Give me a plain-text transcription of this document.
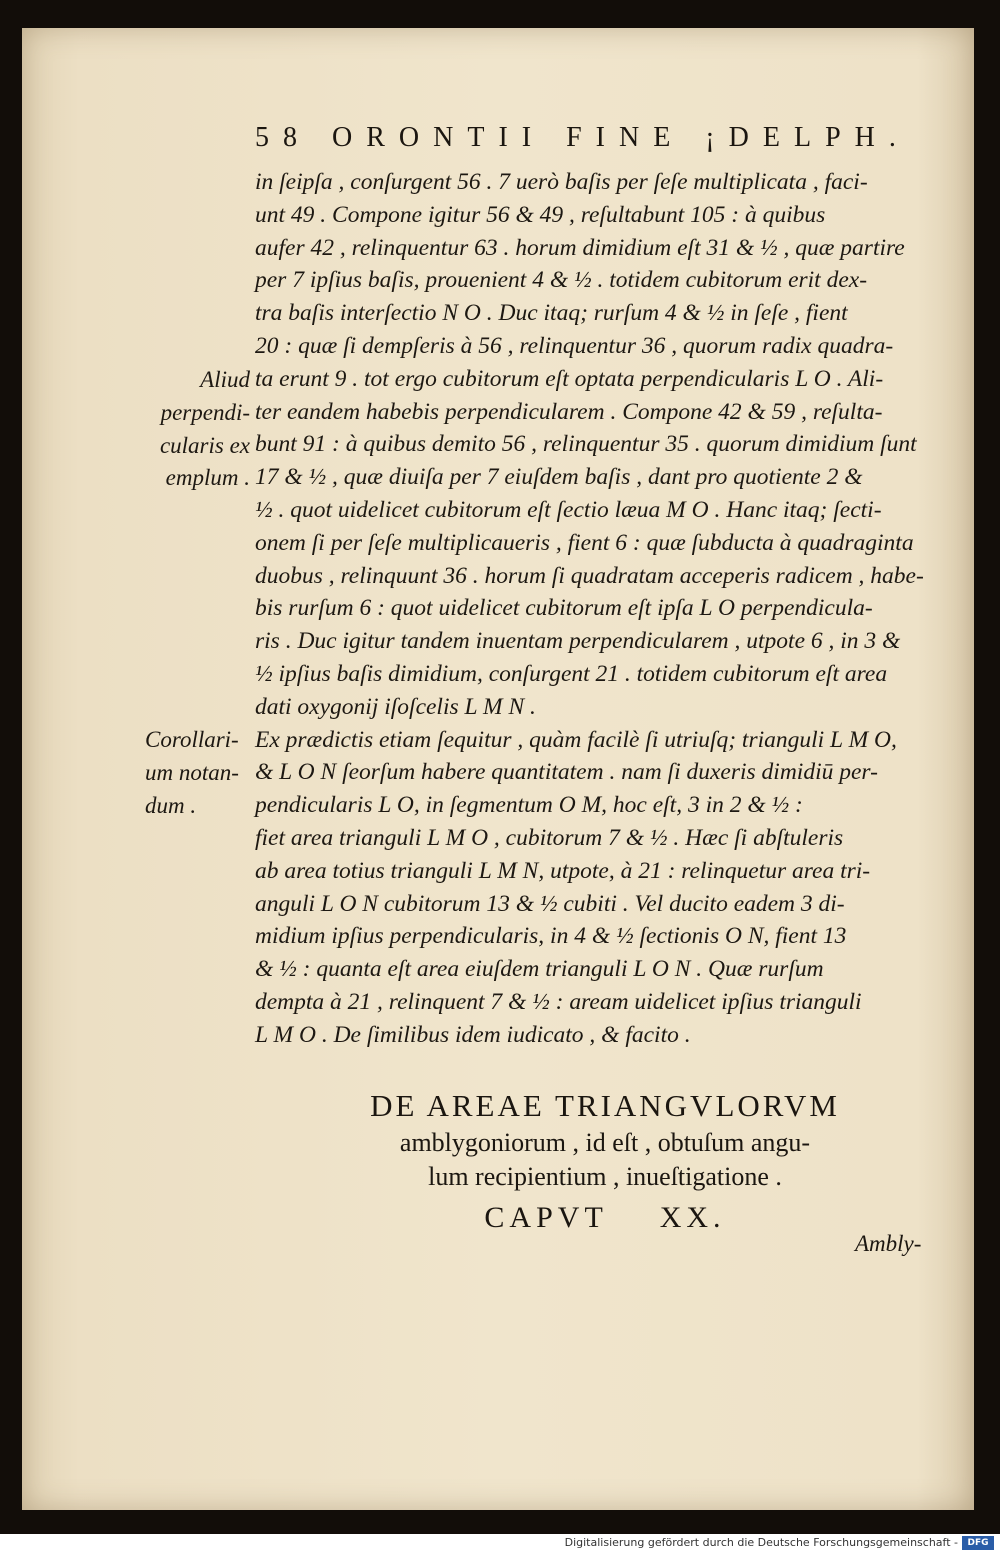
58 ORONTII FINE ¡DELPH.
in ſeipſa , conſurgent 56 . 7 uerò baſis per ſeſe multiplicata , faci-
unt 49 . Compone igitur 56 & 49 , reſultabunt 105 : à quibus
aufer 42 , relinquentur 63 . horum dimidium eſt 31 & ½ , quæ partire
per 7 ipſius baſis, prouenient 4 & ½ . totidem cubitorum erit dex-
tra baſis interſectio N O . Duc itaq; rurſum 4 & ½ in ſeſe , fient
20 : quæ ſi dempſeris à 56 , relinquentur 36 , quorum radix quadra-
ta erunt 9 . tot ergo cubitorum eſt optata perpendicularis L O . Ali-
ter eandem habebis perpendicularem . Compone 42 & 59 , reſulta-
bunt 91 : à quibus demito 56 , relinquentur 35 . quorum dimidium ſunt
17 & ½ , quæ diuiſa per 7 eiuſdem baſis , dant pro quotiente 2 &
½ . quot uidelicet cubitorum eſt ſectio læua M O . Hanc itaq; ſecti-
onem ſi per ſeſe multiplicaueris , fient 6 : quæ ſubducta à quadraginta
duobus , relinquunt 36 . horum ſi quadratam acceperis radicem , habe-
bis rurſum 6 : quot uidelicet cubitorum eſt ipſa L O perpendicula-
ris . Duc igitur tandem inuentam perpendicularem , utpote 6 , in 3 &
½ ipſius baſis dimidium, conſurgent 21 . totidem cubitorum eſt area
dati oxygonij iſoſcelis L M N .
Ex prædictis etiam ſequitur , quàm facilè ſi utriuſq; trianguli L M O,
& L O N ſeorſum habere quantitatem . nam ſi duxeris dimidiū per-
pendicularis L O, in ſegmentum O M, hoc eſt, 3 in 2 & ½ :
fiet area trianguli L M O , cubitorum 7 & ½ . Hæc ſi abſtuleris
ab area totius trianguli L M N, utpote, à 21 : relinquetur area tri-
anguli L O N cubitorum 13 & ½ cubiti . Vel ducito eadem 3 di-
midium ipſius perpendicularis, in 4 & ½ ſectionis O N, fient 13
& ½ : quanta eſt area eiuſdem trianguli L O N . Quæ rurſum
dempta à 21 , relinquent 7 & ½ : aream uidelicet ipſius trianguli
L M O . De ſimilibus idem iudicato , & facito .
Aliud
perpendi-
cularis ex
emplum .
Corollari-
um notan-
dum .
DE AREAE TRIANGVLORVM
amblygoniorum , id eſt , obtuſum angu-
lum recipientium , inueſtigatione .
CAPVT XX.
Ambly-
Digitalisierung gefördert durch die Deutsche Forschungsgemeinschaft -	DFG
